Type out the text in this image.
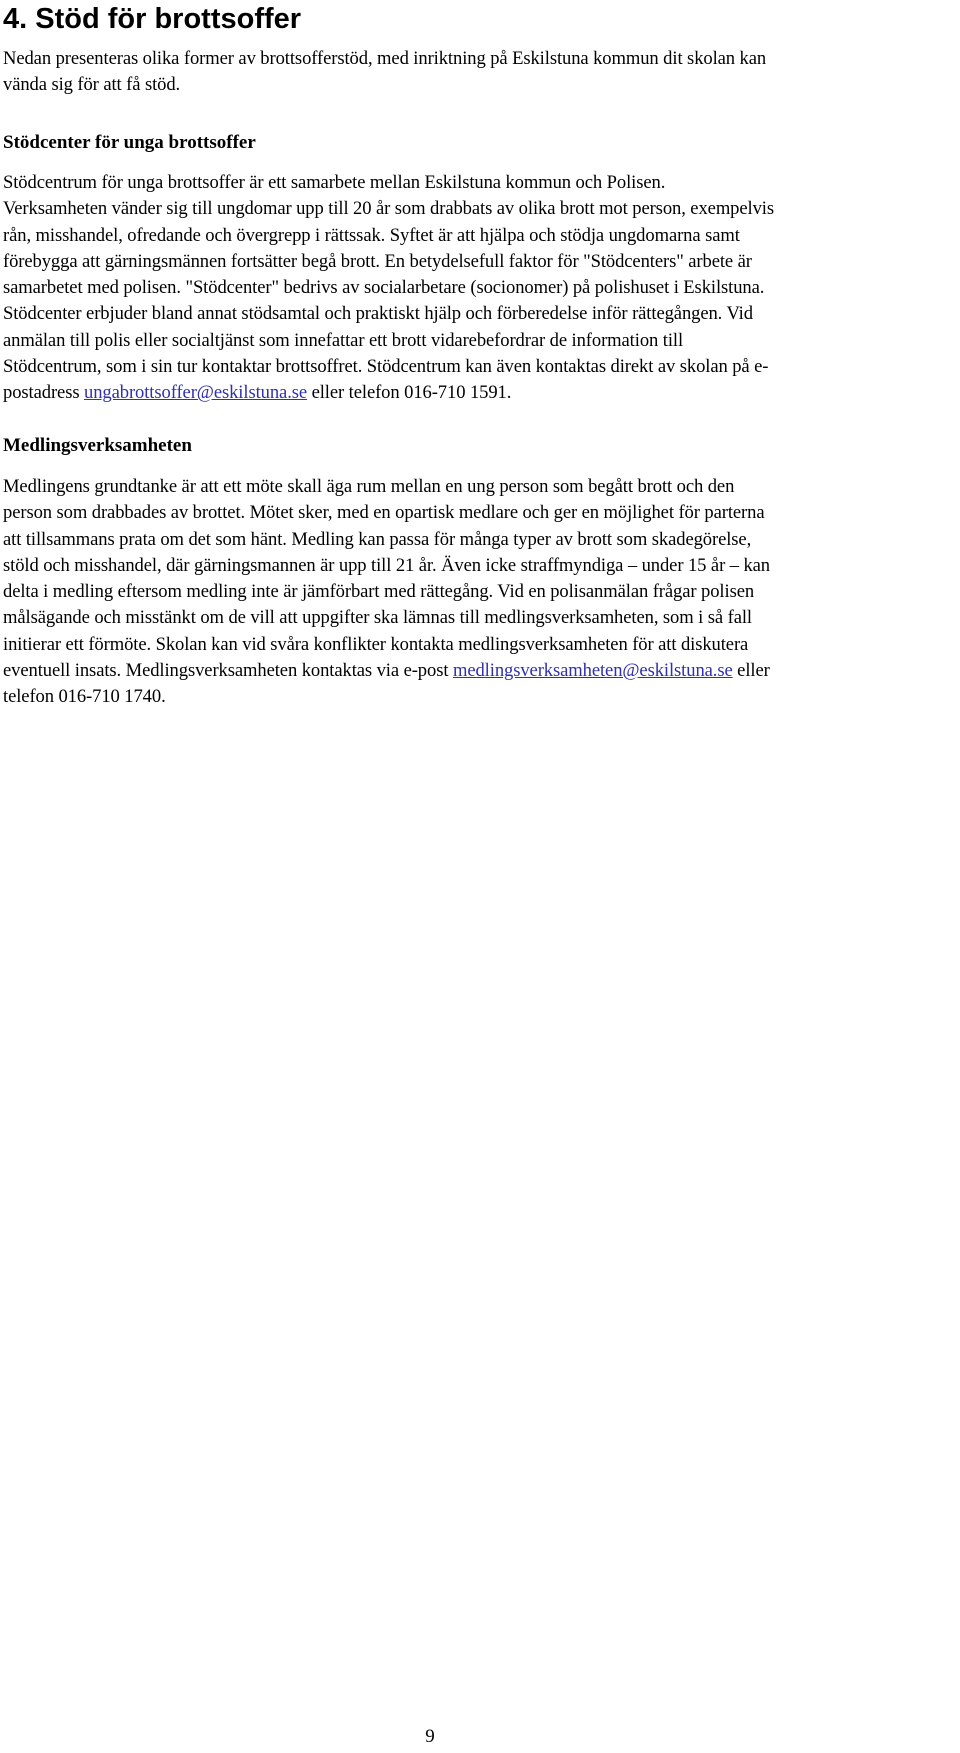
4. Stöd för brottsoffer

Nedan presenteras olika former av brottsofferstöd, med inriktning på Eskilstuna kommun dit skolan kan
vända sig för att få stöd.

Stödcenter för unga brottsoffer

Stödcentrum för unga brottsoffer är ett samarbete mellan Eskilstuna kommun och Polisen.
Verksamheten vänder sig till ungdomar upp till 20 år som drabbats av olika brott mot person, exempelvis
rån, misshandel, ofredande och övergrepp i rättssak. Syftet är att hjälpa och stödja ungdomarna samt
förebygga att gärningsmännen fortsätter begå brott. En betydelsefull faktor för "Stödcenters" arbete är
samarbetet med polisen. "Stödcenter" bedrivs av socialarbetare (socionomer) på polishuset i Eskilstuna.
Stödcenter erbjuder bland annat stödsamtal och praktiskt hjälp och förberedelse inför rättegången. Vid
anmälan till polis eller socialtjänst som innefattar ett brott vidarebefordrar de information till
Stödcentrum, som i sin tur kontaktar brottsoffret. Stödcentrum kan även kontaktas direkt av skolan på e-
postadress ungabrottsoffer@eskilstuna.se eller telefon 016-710 1591.

Medlingsverksamheten

Medlingens grundtanke är att ett möte skall äga rum mellan en ung person som begått brott och den
person som drabbades av brottet. Mötet sker, med en opartisk medlare och ger en möjlighet för parterna
att tillsammans prata om det som hänt. Medling kan passa för många typer av brott som skadegörelse,
stöld och misshandel, där gärningsmannen är upp till 21 år. Även icke straffmyndiga – under 15 år – kan
delta i medling eftersom medling inte är jämförbart med rättegång. Vid en polisanmälan frågar polisen
målsägande och misstänkt om de vill att uppgifter ska lämnas till medlingsverksamheten, som i så fall
initierar ett förmöte. Skolan kan vid svåra konflikter kontakta medlingsverksamheten för att diskutera
eventuell insats. Medlingsverksamheten kontaktas via e-post medlingsverksamheten@eskilstuna.se eller
telefon 016-710 1740.

9
